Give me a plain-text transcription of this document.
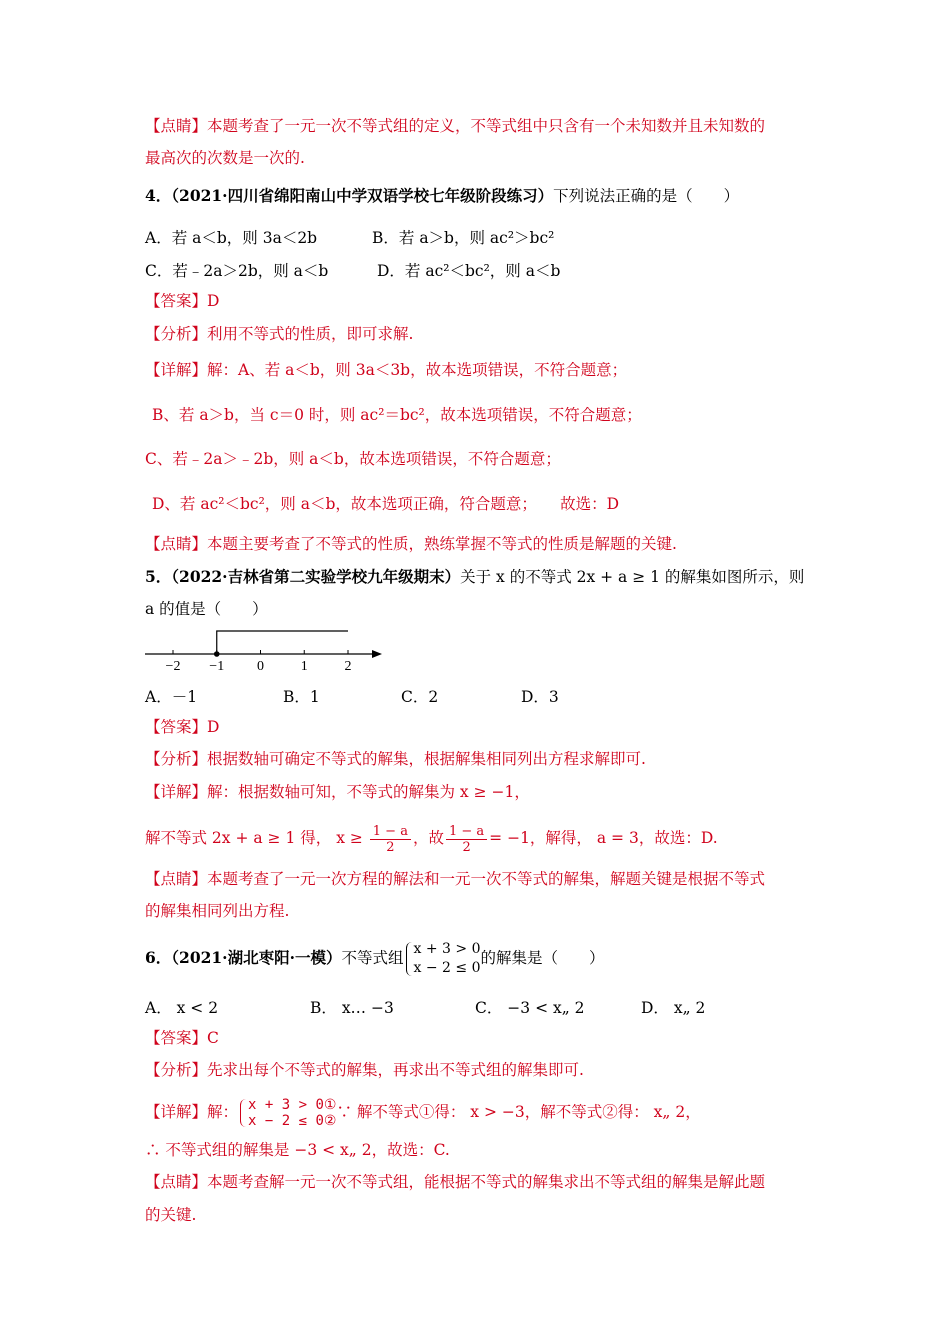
【点睛】本题考查了一元一次不等式组的定义，不等式组中只含有一个未知数并且未知数的
最高次的次数是一次的.
4．（2021·四川省绵阳南山中学双语学校七年级阶段练习）下列说法正确的是（　　）
A．若 a＜b，则 3a＜2b	B．若 a＞b，则 ac²＞bc²
C．若﹣2a＞2b，则 a＜b	D．若 ac²＜bc²，则 a＜b
【答案】D
【分析】利用不等式的性质，即可求解.
【详解】解：A、若 a＜b，则 3a＜3b，故本选项错误，不符合题意；
B、若 a＞b，当 c＝0 时，则 ac²＝bc²，故本选项错误，不符合题意；
C、若﹣2a＞﹣2b，则 a＜b，故本选项错误，不符合题意；
D、若 ac²＜bc²，则 a＜b，故本选项正确，符合题意；　　故选：D
【点睛】本题主要考查了不等式的性质，熟练掌握不等式的性质是解题的关键.
5．（2022·吉林省第二实验学校九年级期末）关于 x 的不等式 2x + a ≥ 1 的解集如图所示，则
a 的值是（　　）
−2 −1 0	1	2
A．－1	B．1	C．2	D．3
【答案】D
【分析】根据数轴可确定不等式的解集，根据解集相同列出方程求解即可.
【详解】解：根据数轴可知，不等式的解集为 x ≥ −1，
解不等式 2x + a ≥ 1 得， $x \ge \frac{1 - a}{2}$ ，故 $\frac{1 - a}{2} = -1$，解得， a = 3，故选：D.
【点睛】本题考查了一元一次方程的解法和一元一次不等式的解集，解题关键是根据不等式
的解集相同列出方程.
6．（2021·湖北枣阳·一模）不等式组 x + 3 > 0
x − 2 ≤ 0
的解集是（　　）
A． x < 2	B． x… −3	C． −3 < x„ 2	D． x„ 2
【答案】C
【分析】先求出每个不等式的解集，再求出不等式组的解集即可.
【详解】解： x + 3 > 0①
x − 2 ≤ 0② ∵ 解不等式①得： x > −3，解不等式②得： x„ 2，
∴ 不等式组的解集是 −3 < x„ 2，故选：C.
【点睛】本题考查解一元一次不等式组，能根据不等式的解集求出不等式组的解集是解此题
的关键.
